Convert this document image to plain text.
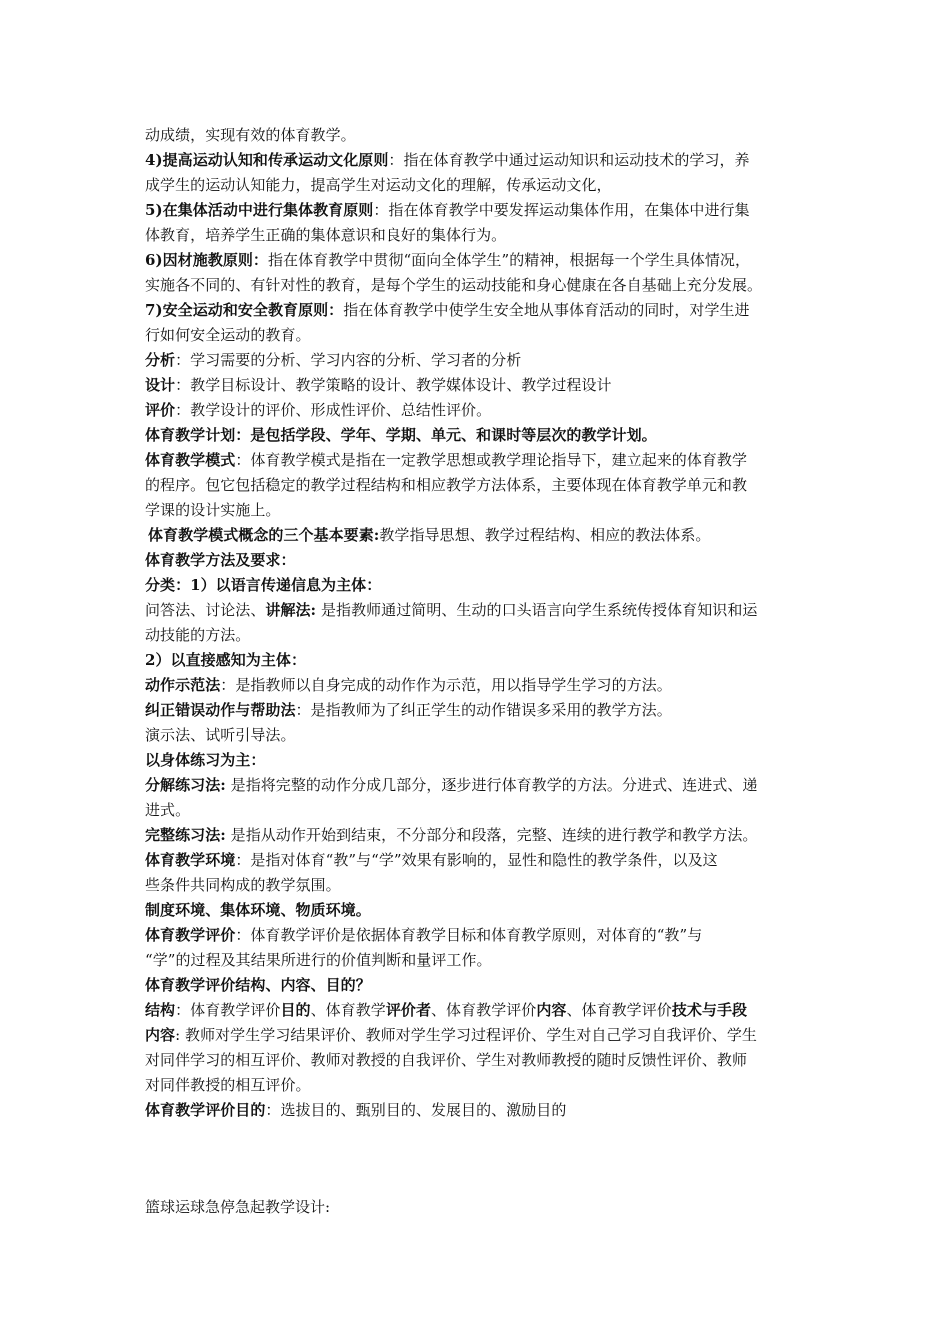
动成绩，实现有效的体育教学。
4)提高运动认知和传承运动文化原则：指在体育教学中通过运动知识和运动技术的学习，养
成学生的运动认知能力，提高学生对运动文化的理解，传承运动文化，
5)在集体活动中进行集体教育原则：指在体育教学中要发挥运动集体作用，在集体中进行集
体教育，培养学生正确的集体意识和良好的集体行为。
6)因材施教原则：指在体育教学中贯彻“面向全体学生”的精神，根据每一个学生具体情况，
实施各不同的、有针对性的教育，是每个学生的运动技能和身心健康在各自基础上充分发展。
7)安全运动和安全教育原则：指在体育教学中使学生安全地从事体育活动的同时，对学生进
行如何安全运动的教育。
分析：学习需要的分析、学习内容的分析、学习者的分析
设计：教学目标设计、教学策略的设计、教学媒体设计、教学过程设计
评价：教学设计的评价、形成性评价、总结性评价。
体育教学计划：是包括学段、学年、学期、单元、和课时等层次的教学计划。
体育教学模式：体育教学模式是指在一定教学思想或教学理论指导下，建立起来的体育教学
的程序。包它包括稳定的教学过程结构和相应教学方法体系，主要体现在体育教学单元和教
学课的设计实施上。
体育教学模式概念的三个基本要素:教学指导思想、教学过程结构、相应的教法体系。
体育教学方法及要求：
分类：1）以语言传递信息为主体：
问答法、讨论法、讲解法: 是指教师通过简明、生动的口头语言向学生系统传授体育知识和运
动技能的方法。
2）以直接感知为主体：
动作示范法：是指教师以自身完成的动作作为示范，用以指导学生学习的方法。
纠正错误动作与帮助法：是指教师为了纠正学生的动作错误多采用的教学方法。
演示法、试听引导法。
以身体练习为主：
分解练习法: 是指将完整的动作分成几部分，逐步进行体育教学的方法。分进式、连进式、递
进式。
完整练习法: 是指从动作开始到结束，不分部分和段落，完整、连续的进行教学和教学方法。
体育教学环境：是指对体育“教”与“学”效果有影响的，显性和隐性的教学条件，以及这
些条件共同构成的教学氛围。
制度环境、集体环境、物质环境。
体育教学评价：体育教学评价是依据体育教学目标和体育教学原则，对体育的“教”与
“学”的过程及其结果所进行的价值判断和量评工作。
体育教学评价结构、内容、目的？
结构：体育教学评价目的、体育教学评价者、体育教学评价内容、体育教学评价技术与手段
内容: 教师对学生学习结果评价、教师对学生学习过程评价、学生对自己学习自我评价、学生
对同伴学习的相互评价、教师对教授的自我评价、学生对教师教授的随时反馈性评价、教师
对同伴教授的相互评价。
体育教学评价目的：选拔目的、甄别目的、发展目的、激励目的
篮球运球急停急起教学设计:
